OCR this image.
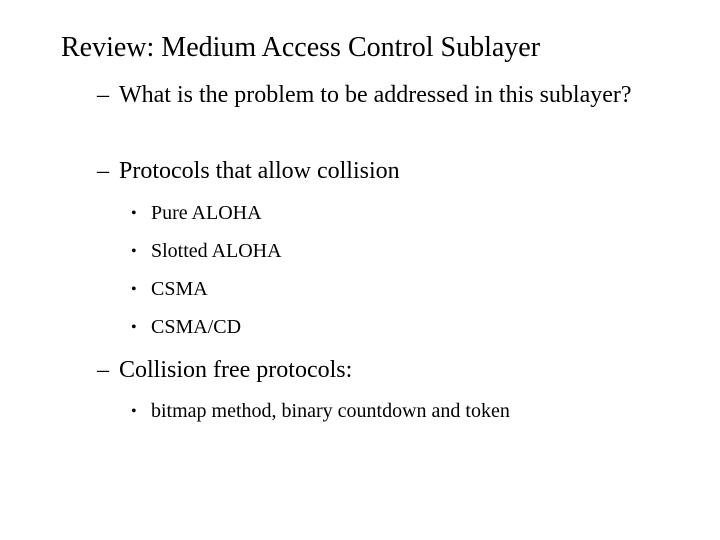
Review: Medium Access Control Sublayer
– What is the problem to be addressed in this sublayer?
– Protocols that allow collision
• Pure ALOHA
• Slotted ALOHA
• CSMA
• CSMA/CD
– Collision free protocols:
• bitmap method, binary countdown and token
